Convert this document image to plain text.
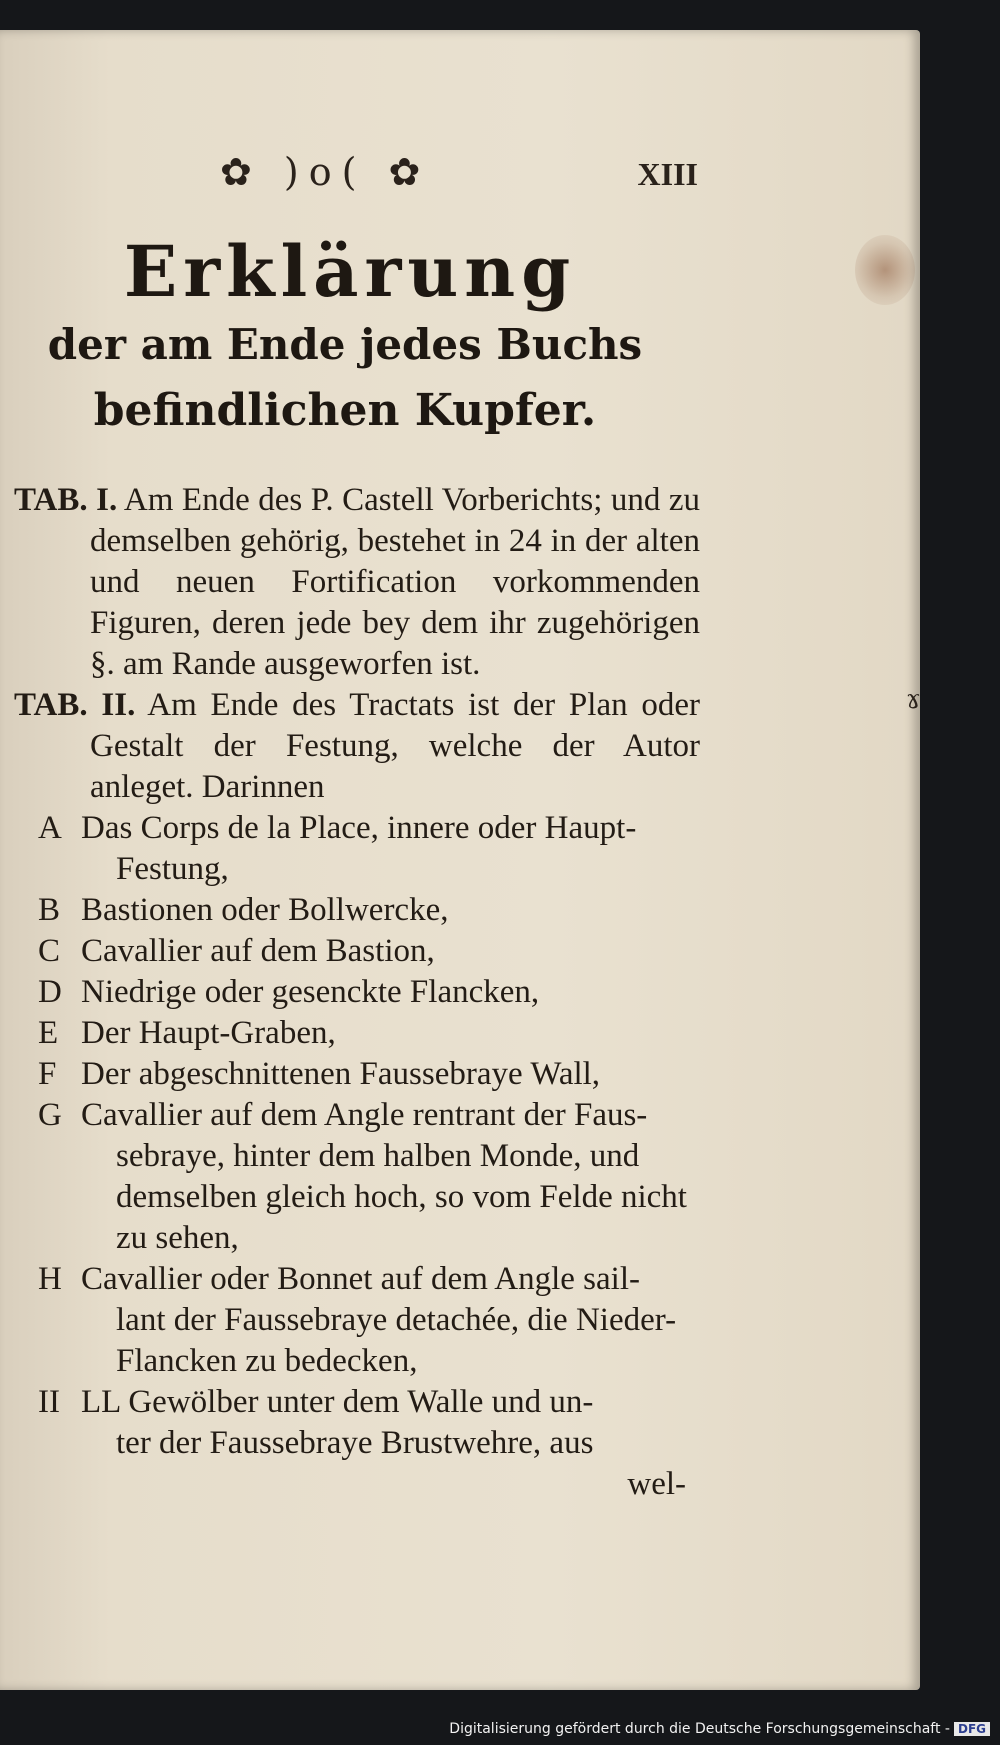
✿ )o( ✿	XIII
Erklärung
der am Ende jedes Buchs
befindlichen Kupfer.
TAB. I. Am Ende des P. Castell Vorberichts; und zu demselben gehörig, bestehet in 24 in der alten und neuen Fortification vorkommenden Figuren, deren jede bey dem ihr zugehörigen §. am Rande ausgeworfen ist.
TAB. II. Am Ende des Tractats ist der Plan oder Gestalt der Festung, welche der Autor anleget. Darinnen
A Das Corps de la Place, innere oder Haupt-
Festung,
B Bastionen oder Bollwercke,
C Cavallier auf dem Bastion,
D Niedrige oder gesenckte Flancken,
E Der Haupt-Graben,
F Der abgeschnittenen Faussebraye Wall,
G Cavallier auf dem Angle rentrant der Faus-
sebraye, hinter dem halben Monde, und demselben gleich hoch, so vom Felde nicht zu sehen,
H Cavallier oder Bonnet auf dem Angle sail-
lant der Faussebraye detachée, die Nieder-Flancken zu bedecken,
II LL Gewölber unter dem Walle und un-
ter der Faussebraye Brustwehre, aus
wel-
ɤ
Digitalisierung gefördert durch die Deutsche Forschungsgemeinschaft - DFG
